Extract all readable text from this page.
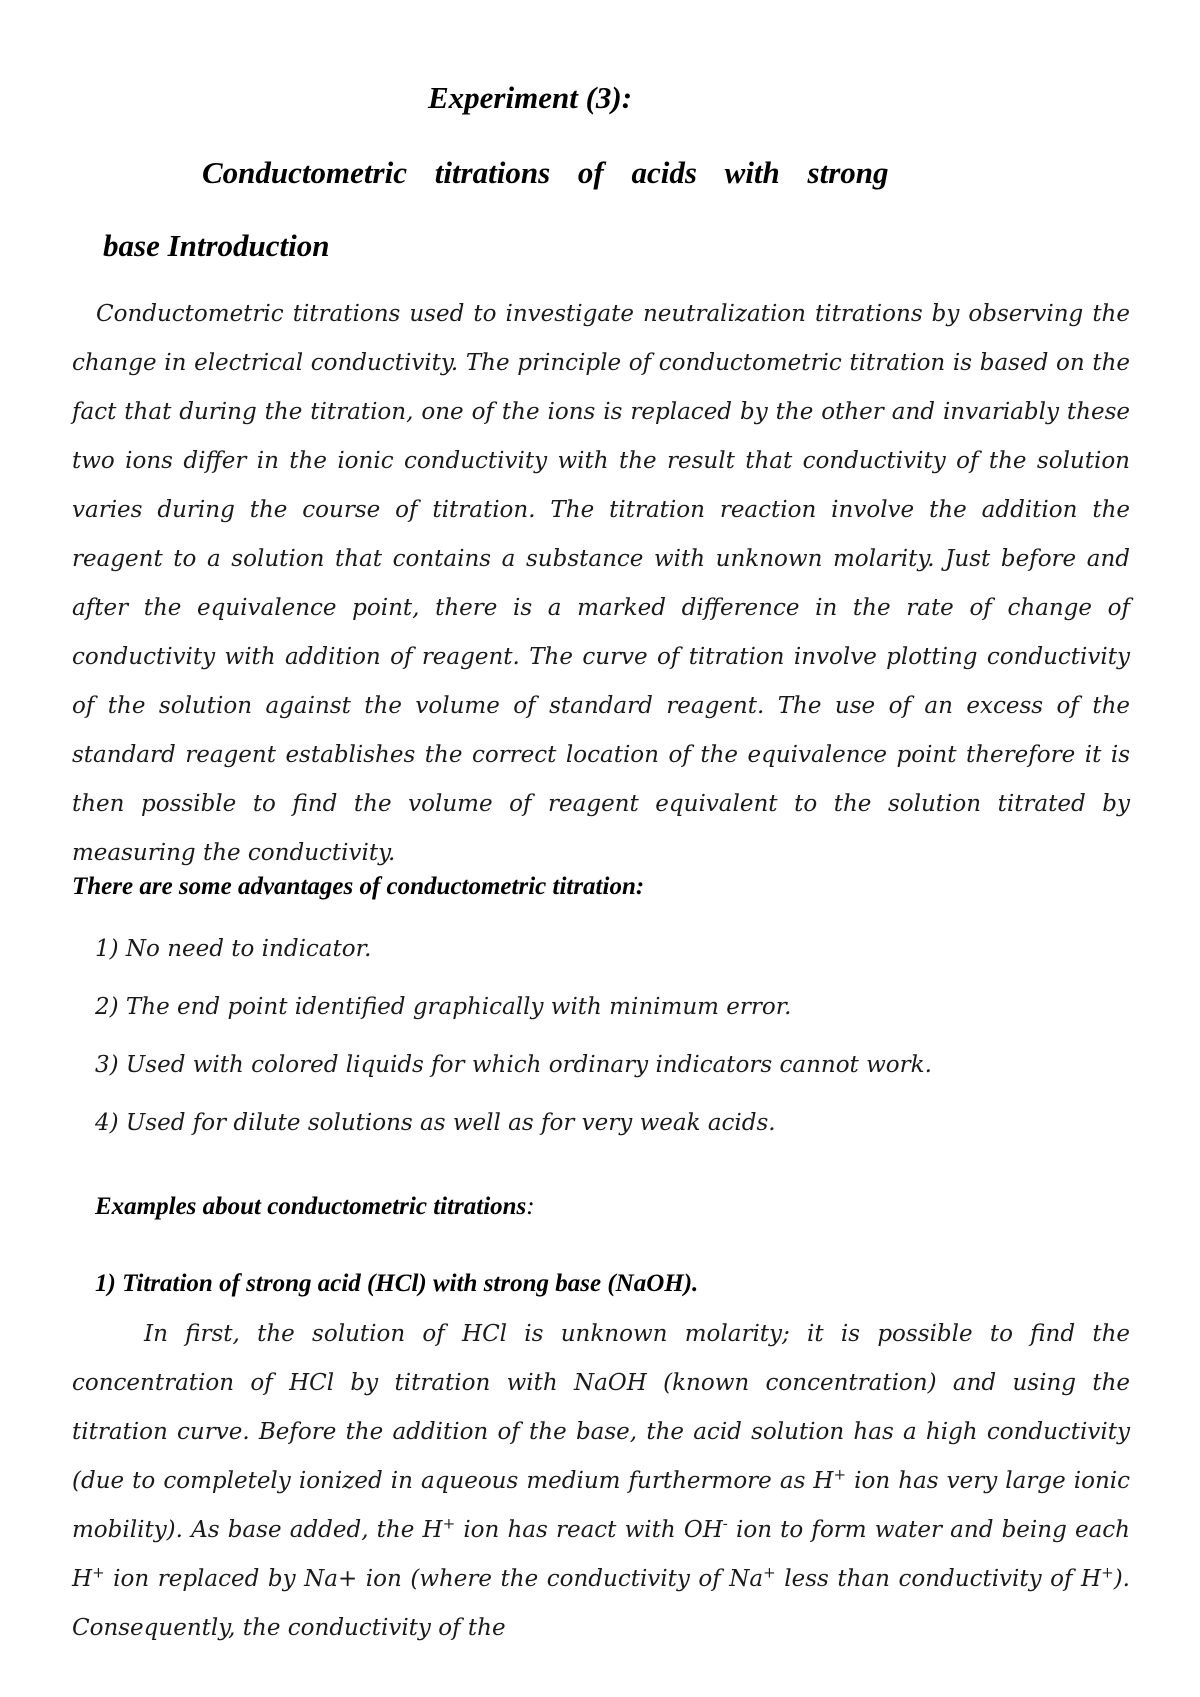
Experiment (3):
Conductometric titrations of acids with strong
base Introduction

Conductometric titrations used to investigate neutralization titrations by observing the change in electrical conductivity. The principle of conductometric titration is based on the fact that during the titration, one of the ions is replaced by the other and invariably these two ions differ in the ionic conductivity with the result that conductivity of the solution varies during the course of titration. The titration reaction involve the addition the reagent to a solution that contains a substance with unknown molarity. Just before and after the equivalence point, there is a marked difference in the rate of change of conductivity with addition of reagent. The curve of titration involve plotting conductivity of the solution against the volume of standard reagent. The use of an excess of the standard reagent establishes the correct location of the equivalence point therefore it is then possible to find the volume of reagent equivalent to the solution titrated by measuring the conductivity.

There are some advantages of conductometric titration:
1) No need to indicator.
2) The end point identified graphically with minimum error.
3) Used with colored liquids for which ordinary indicators cannot work.
4) Used for dilute solutions as well as for very weak acids.
Examples about conductometric titrations:
1) Titration of strong acid (HCl) with strong base (NaOH).

In first, the solution of HCl is unknown molarity; it is possible to find the concentration of HCl by titration with NaOH (known concentration) and using the titration curve. Before the addition of the base, the acid solution has a high conductivity (due to completely ionized in aqueous medium furthermore as H+ ion has very large ionic mobility). As base added, the H+ ion has react with OH- ion to form water and being each H+ ion replaced by Na+ ion (where the conductivity of Na+ less than conductivity of H+). Consequently, the conductivity of the
